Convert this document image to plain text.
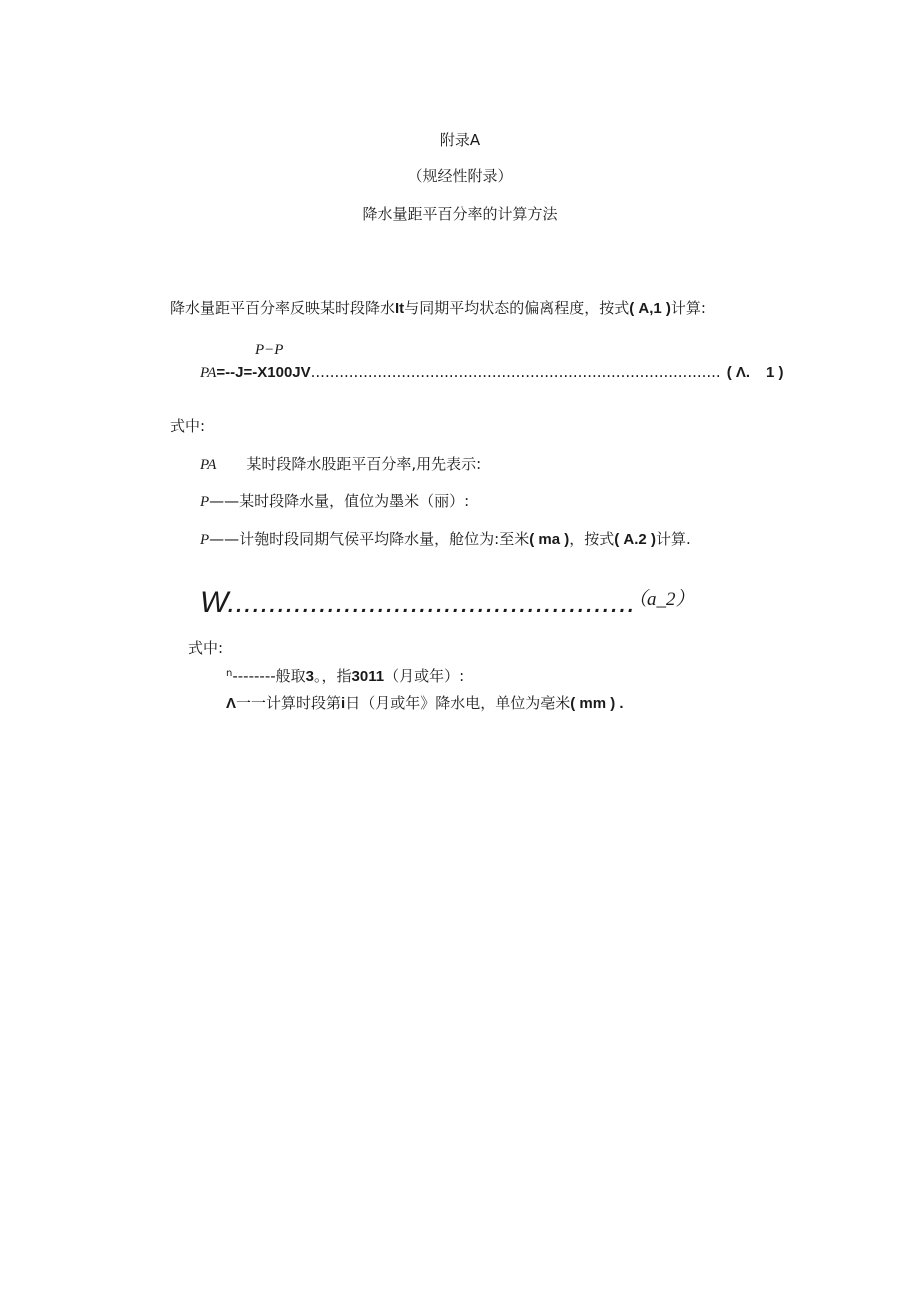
附录A
（规经性附录）
降水量距平百分率的计算方法
降水量距平百分率反映某时段降水It与同期平均状态的偏离程度，按式( A,1 )计算:
P−P
PA=--J=-X100JV...................................................................................... ( Λ. 1 )
式中:
PA 某时段降水股距平百分率,用先表示:
P——某时段降水量，值位为墨米（丽）:
P——计匏时段同期气侯平均降水量，舱位为:至米( ma )，按式( A.2 )计算.
W.................................................
（a_2）
式中:
$^n$--------般取3。，指3011（月或年）:
Λ一一计算时段第i日（月或年》降水电，单位为亳米( mm ) .
